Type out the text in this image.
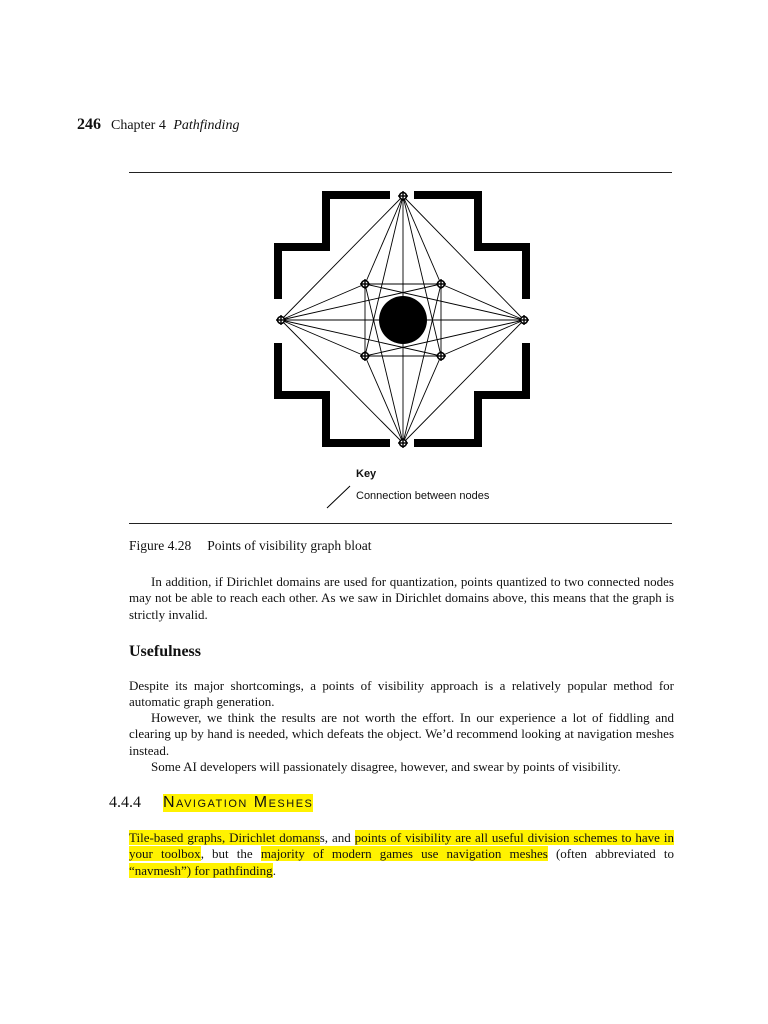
246 Chapter 4 Pathfinding
Key
Connection between nodes
Figure 4.28 Points of visibility graph bloat
In addition, if Dirichlet domains are used for quantization, points quantized to two connected nodes may not be able to reach each other. As we saw in Dirichlet domains above, this means that the graph is strictly invalid.
Usefulness
Despite its major shortcomings, a points of visibility approach is a relatively popular method for automatic graph generation.
However, we think the results are not worth the effort. In our experience a lot of fiddling and clearing up by hand is needed, which defeats the object. We’d recommend looking at navigation meshes instead.
Some AI developers will passionately disagree, however, and swear by points of visibility.
4.4.4 Navigation Meshes
Tile-based graphs, Dirichlet domanss, and points of visibility are all useful division schemes to have in your toolbox, but the majority of modern games use navigation meshes (often abbreviated to “navmesh”) for pathfinding.
